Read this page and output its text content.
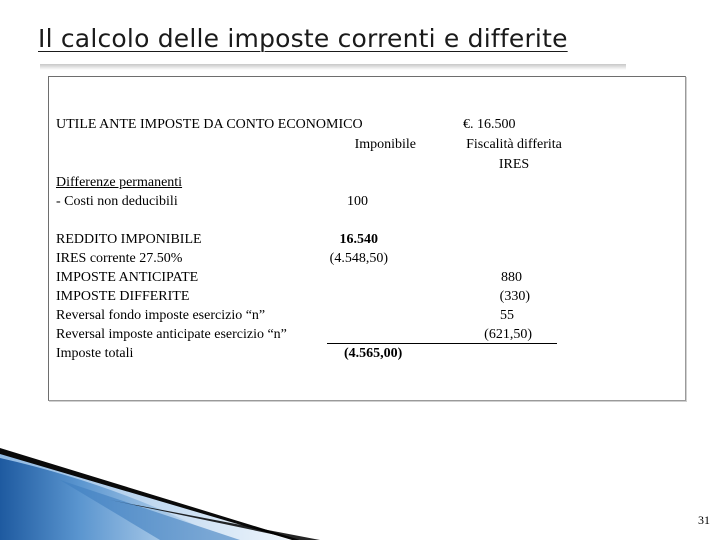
Il calcolo delle imposte correnti e differite
UTILE ANTE IMPOSTE DA CONTO ECONOMICO	€. 16.500
Imponibile	Fiscalità differita
IRES
Differenze permanenti
- Costi non deducibili	100
REDDITO IMPONIBILE	16.540
IRES corrente 27.50%	(4.548,50)
IMPOSTE ANTICIPATE	880
IMPOSTE DIFFERITE	(330)
Reversal fondo imposte esercizio “n”	55
Reversal imposte anticipate esercizio “n”	(621,50)
Imposte totali	(4.565,00)
31
